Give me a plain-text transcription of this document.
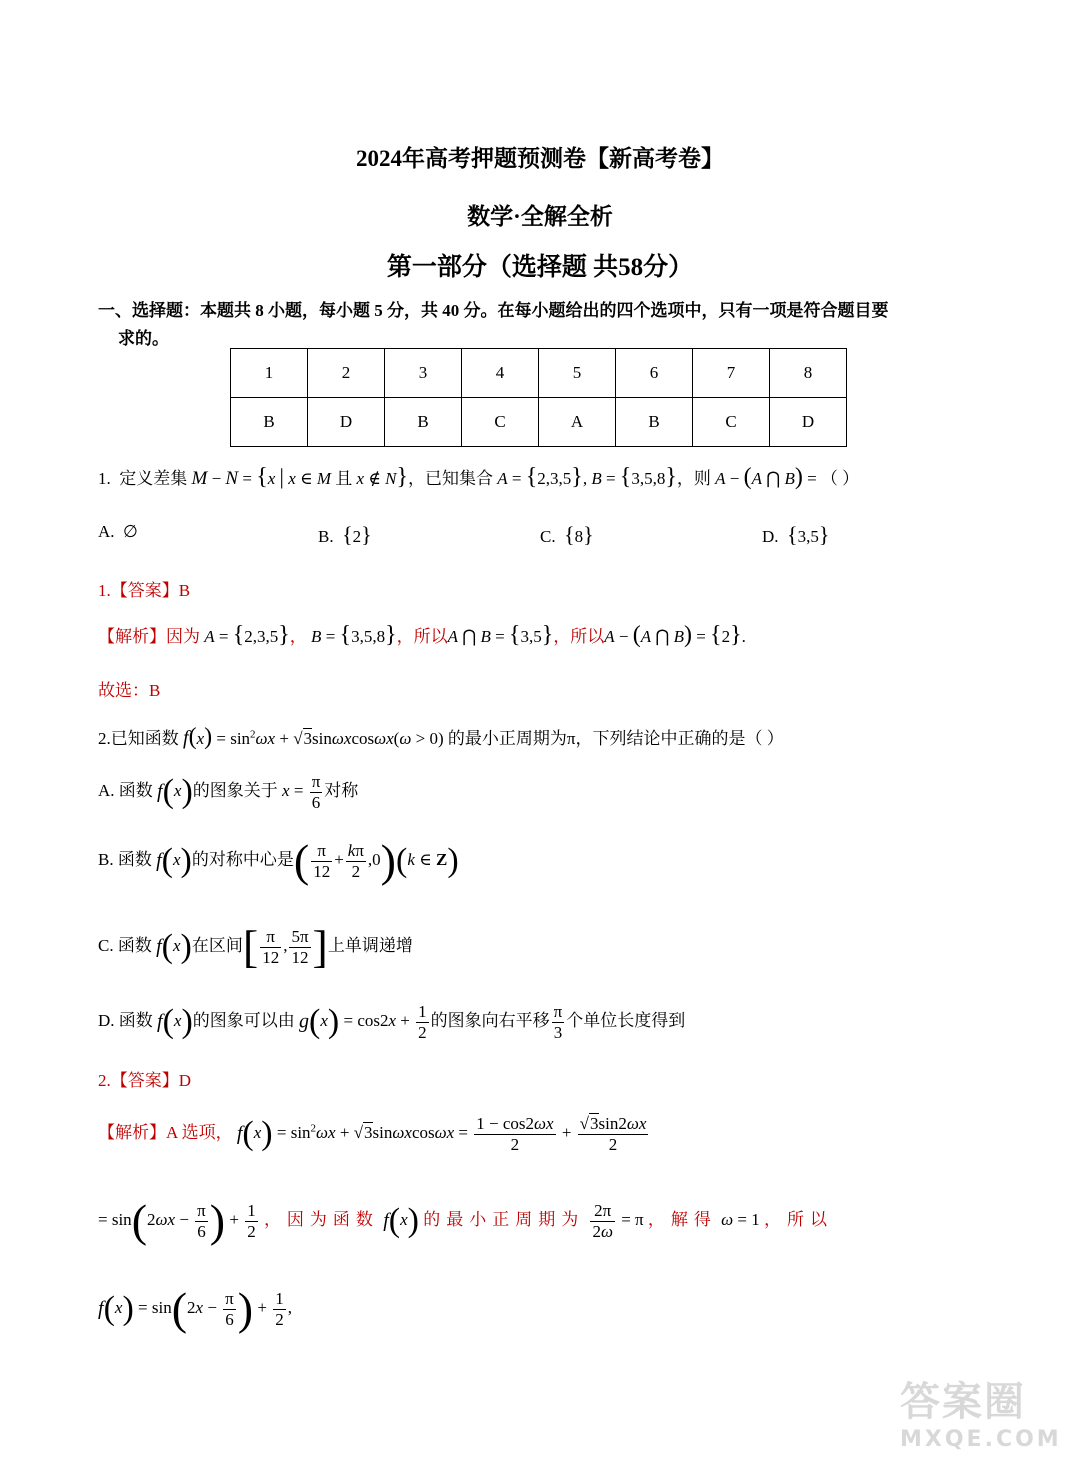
2024年高考押题预测卷【新高考卷】
数学·全解全析
第一部分（选择题 共58分）
一、选择题：本题共 8 小题，每小题 5 分，共 40 分。在每小题给出的四个选项中，只有一项是符合题目要
求的。
1	2	3	4	5	6	7	8
B	D	B	C	A	B	C	D
1. 定义差集 M − N = {x | x ∈ M 且 x ∉ N}，已知集合 A = {2,3,5}, B = {3,5,8}，则 A − (A ⋂ B) = （ ）
A.  ∅	B. {2}	C. {8}	D. {3,5}
1.【答案】B
【解析】因为 A = {2,3,5}， B = {3,5,8}，所以A ⋂ B = {3,5}，所以A − (A ⋂ B) = {2}.
故选：B
2.已知函数 $f(x) = \sin^2\omega x + √3\sin\omega xcos\omega x(\omega > 0)$ 的最小正周期为π，下列结论中正确的是（ ）
A. 函数 f(x)的图象关于 $x = \frac{\pi}{6}$ 对称
B. 函数 f(x)的对称中心是( $\frac{\pi}{12} + \frac{k\pi}{2} ,0)(k$ ∈ Z)
C. 函数 f(x)在区间[ $\frac{\pi}{12}$ , $\frac{5\pi}{12}$ ]上单调递增
D. 函数 f(x)的图象可以由 $g(x) = \cos 2x + \frac{1}{2}$ 的图象向右平移 $\frac{\pi}{3}$ 个单位长度得到
2.【答案】D
【解析】A 选项， $f(x) = \sin^2\omega x + √3\sin\omega xcos\omega x = \frac{1 - \cos 2\omega x}{2} + \frac{√3\sin 2\omega x}{2}$
= $\sin(2\omega x - \frac{\pi}{6}$ ) + $\frac{1}{2}$ ，因为函数 f(x) 的最小正周期为 $\frac{2\pi}{2\omega} = \pi$ ，解得 ω = 1 ，所以
$f(x) = \sin(2x - \frac{\pi}{6}$ ) + $\frac{1}{2}$ ,
答案圈
MXQE.COM
